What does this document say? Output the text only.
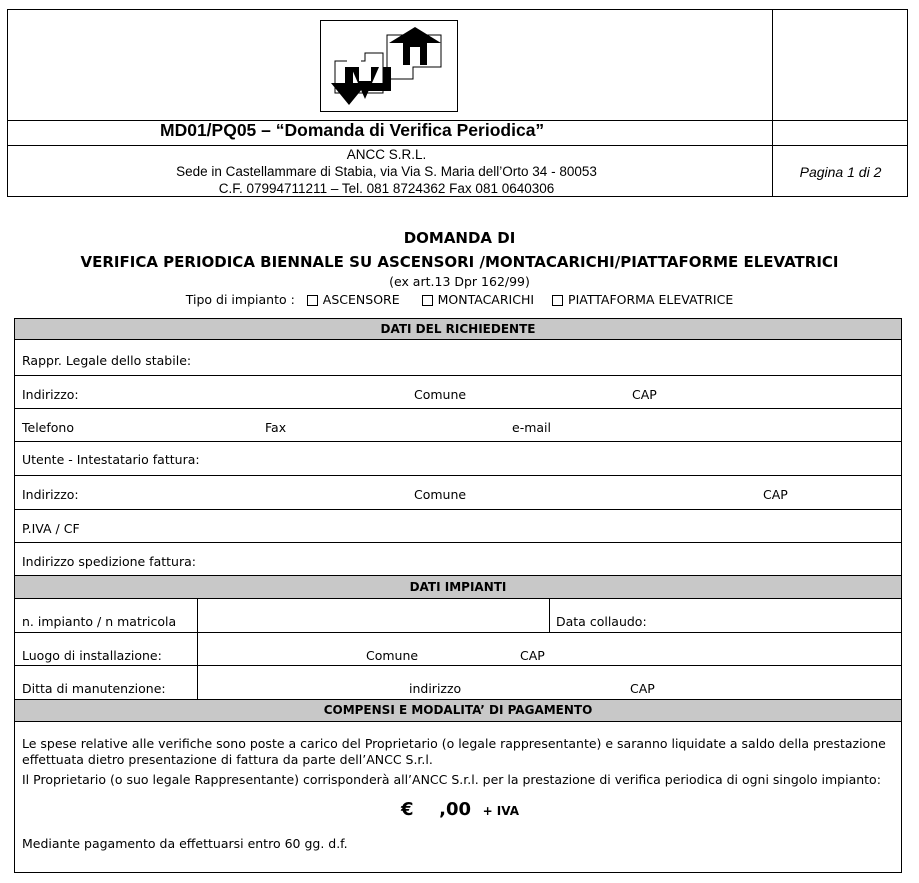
MD01/PQ05 – “Domanda di Verifica Periodica”
ANCC S.R.L.
Sede in Castellammare di Stabia, via Via S. Maria dell’Orto 34 - 80053
C.F. 07994711211 – Tel. 081 8724362 Fax 081 0640306
Pagina 1 di 2
DOMANDA DI
VERIFICA PERIODICA BIENNALE SU ASCENSORI /MONTACARICHI/PIATTAFORME ELEVATRICI
(ex art.13 Dpr 162/99)
Tipo di impianto : ASCENSORE	MONTACARICHI	PIATTAFORMA ELEVATRICE
DATI DEL RICHIEDENTE
Rappr. Legale dello stabile:
Indirizzo:	Comune	CAP
Telefono	Fax	e-mail
Utente - Intestatario fattura:
Indirizzo:	Comune	CAP
P.IVA / CF
Indirizzo spedizione fattura:
DATI IMPIANTI
n. impianto / n matricola	Data collaudo:
Luogo di installazione:	Comune	CAP
Ditta di manutenzione:	indirizzo	CAP
COMPENSI E MODALITA’ DI PAGAMENTO
Le spese relative alle verifiche sono poste a carico del Proprietario (o legale rappresentante) e saranno liquidate a saldo della prestazione effettuata dietro presentazione di fattura da parte dell’ANCC S.r.l.
Il Proprietario (o suo legale Rappresentante) corrisponderà all’ANCC S.r.l. per la prestazione di verifica periodica di ogni singolo impianto:
€ ,00 + IVA
Mediante pagamento da effettuarsi entro 60 gg. d.f.
